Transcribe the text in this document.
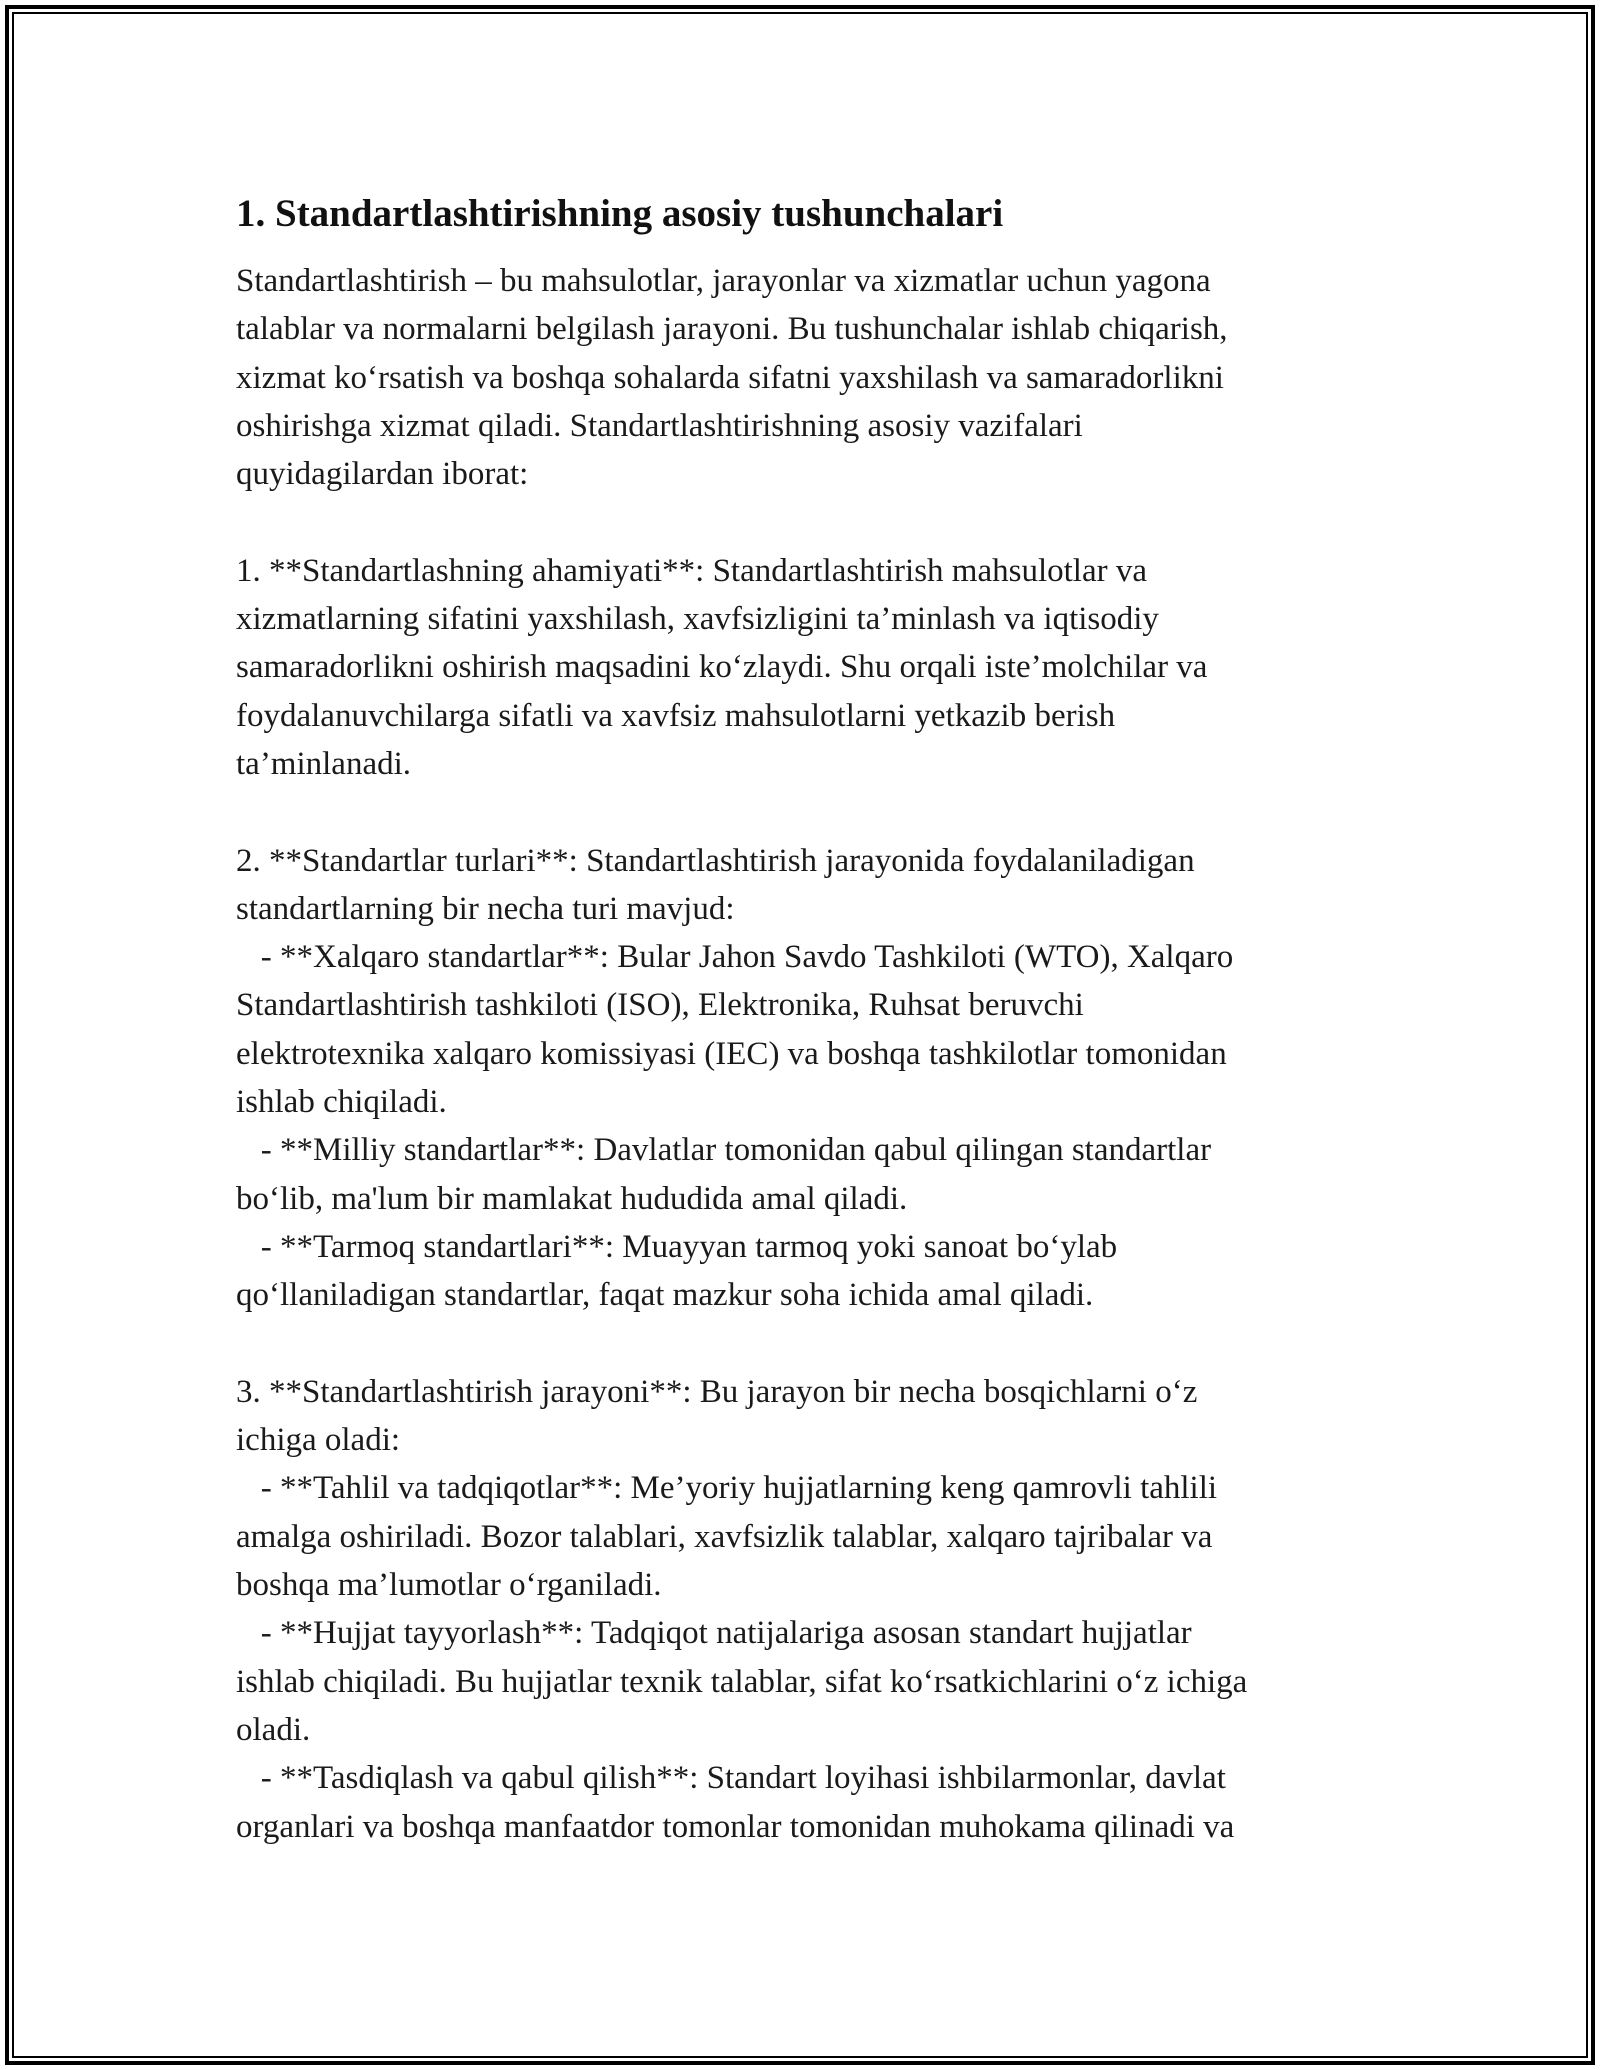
1. Standartlashtirishning asosiy tushunchalari
Standartlashtirish – bu mahsulotlar, jarayonlar va xizmatlar uchun yagona
talablar va normalarni belgilash jarayoni. Bu tushunchalar ishlab chiqarish,
xizmat ko‘rsatish va boshqa sohalarda sifatni yaxshilash va samaradorlikni
oshirishga xizmat qiladi. Standartlashtirishning asosiy vazifalari
quyidagilardan iborat:
1. **Standartlashning ahamiyati**: Standartlashtirish mahsulotlar va
xizmatlarning sifatini yaxshilash, xavfsizligini ta’minlash va iqtisodiy
samaradorlikni oshirish maqsadini ko‘zlaydi. Shu orqali iste’molchilar va
foydalanuvchilarga sifatli va xavfsiz mahsulotlarni yetkazib berish
ta’minlanadi.
2. **Standartlar turlari**: Standartlashtirish jarayonida foydalaniladigan
standartlarning bir necha turi mavjud:
- **Xalqaro standartlar**: Bular Jahon Savdo Tashkiloti (WTO), Xalqaro
Standartlashtirish tashkiloti (ISO), Elektronika, Ruhsat beruvchi
elektrotexnika xalqaro komissiyasi (IEC) va boshqa tashkilotlar tomonidan
ishlab chiqiladi.
- **Milliy standartlar**: Davlatlar tomonidan qabul qilingan standartlar
bo‘lib, ma'lum bir mamlakat hududida amal qiladi.
- **Tarmoq standartlari**: Muayyan tarmoq yoki sanoat bo‘ylab
qo‘llaniladigan standartlar, faqat mazkur soha ichida amal qiladi.
3. **Standartlashtirish jarayoni**: Bu jarayon bir necha bosqichlarni o‘z
ichiga oladi:
- **Tahlil va tadqiqotlar**: Me’yoriy hujjatlarning keng qamrovli tahlili
amalga oshiriladi. Bozor talablari, xavfsizlik talablar, xalqaro tajribalar va
boshqa ma’lumotlar o‘rganiladi.
- **Hujjat tayyorlash**: Tadqiqot natijalariga asosan standart hujjatlar
ishlab chiqiladi. Bu hujjatlar texnik talablar, sifat ko‘rsatkichlarini o‘z ichiga
oladi.
- **Tasdiqlash va qabul qilish**: Standart loyihasi ishbilarmonlar, davlat
organlari va boshqa manfaatdor tomonlar tomonidan muhokama qilinadi va
